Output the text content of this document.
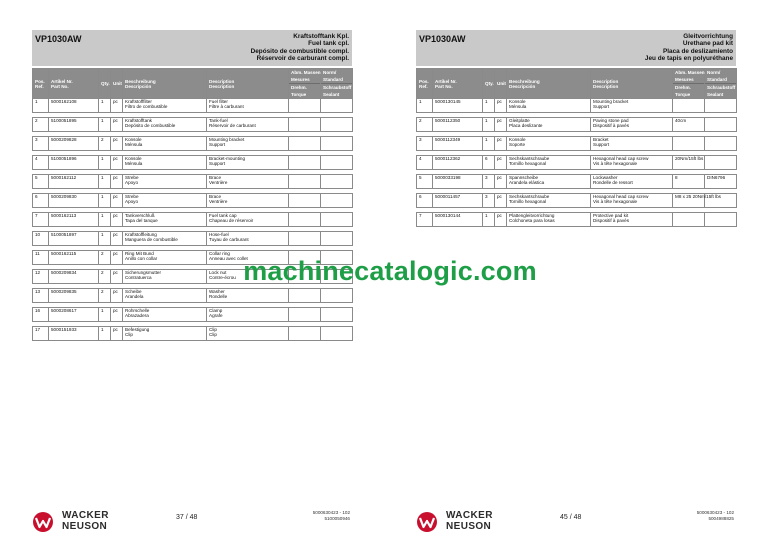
VP1030AW	Kraftstofftank Kpl.
Fuel tank cpl.
Depósito de combustible compl.
Réservoir de carburant compl.
Pos.
Ref.	Artikel Nr.
Part No.	Qty.	Unit	Beschreibung
Descripción	Description
Description	Abm. Massen
Mesures
Drehm.
Torque	Norm/
Standard
Schraubstoff
Sealant

1	5000162108	1	pc	Kraftstofffilter
Filtro de combustible	Fuel filter
Filtre à carburant		

2	5100051895	1	pc	Kraftstofftank
Depósito de combustible	Tank-fuel
Réservoir de carburant		

3	5000209828	2	pc	Konsole
Ménsula	Mounting bracket
Support		

4	5100051896	1	pc	Konsole
Ménsula	Bracket-mounting
Support		

5	5000162112	1	pc	Strebe
Apoyo	Brace
Ventrière		

6	5000209830	1	pc	Strebe
Apoyo	Brace
Ventrière		

7	5000162113	1	pc	Tankverschluß
Tapa del tanque	Fuel tank cap
Chapeau de réservoir		

10	5100051897	1	pc	Kraftstoffleitung
Manguera de combustible	Hose-fuel
Tuyau de carburant		

11	5000162115	2	pc	Ring Mit Bund
Anillo con collar	Collar ring
Anneau avec collet		

12	5000209834	2	pc	Sicherungsmutter
Contratuerca	Lock nut
Contre-écrou		

13	5000209835	2	pc	Scheibe
Arandela	Washer
Rondelle		

16	5000208617	1	pc	Rohrschelle
Abrazadera	Clamp
Agrafe		

17	5000151933	1	pc	Befestigung
Clip	Clip
Clip		

WACKER
NEUSON
37 / 48
5000630423 - 102
5100050946
VP1030AW	Gleitvorrichtung
Urethane pad kit
Placa de deslizamiento
Jeu de tapis en polyuréthane
Pos.
Ref.	Artikel Nr.
Part No.	Qty.	Unit	Beschreibung
Descripción	Description
Description	Abm. Massen
Mesures
Drehm.
Torque	Norm/
Standard
Schraubstoff
Sealant

1	5000130145	1	pc	Konsole
Ménsula	Mounting bracket
Support		

2	5000112350	1	pc	Gleitplatte
Placa deslizante	Paving stone pad
Dispositif à pavés	40cm	

3	5000112349	1	pc	Konsole
Soporte	Bracket
Support		

4	5000112362	6	pc	Sechskantschraube
Tornillo hexagonal	Hexagonal head cap screw
Vis à tête hexagonale	20Nm/15ft lbs	

5	5000033198	3	pc	Spannscheibe
Arandela elástica	Lockwasher
Rondelle de ressort	8	DIN6796

6	5000011457	3	pc	Sechskantschraube
Tornillo hexagonal	Hexagonal head cap screw
Vis à tête hexagonale	M8 x 25 20Nm/15ft lbs	

7	5000130144	1	pc	Plattengleitvorrichtung
Colchoneta para losas	Protective pad kit
Dispositif à pavés		

WACKER
NEUSON
45 / 48
5000630423 - 102
5004988825
machinecatalogic.com
